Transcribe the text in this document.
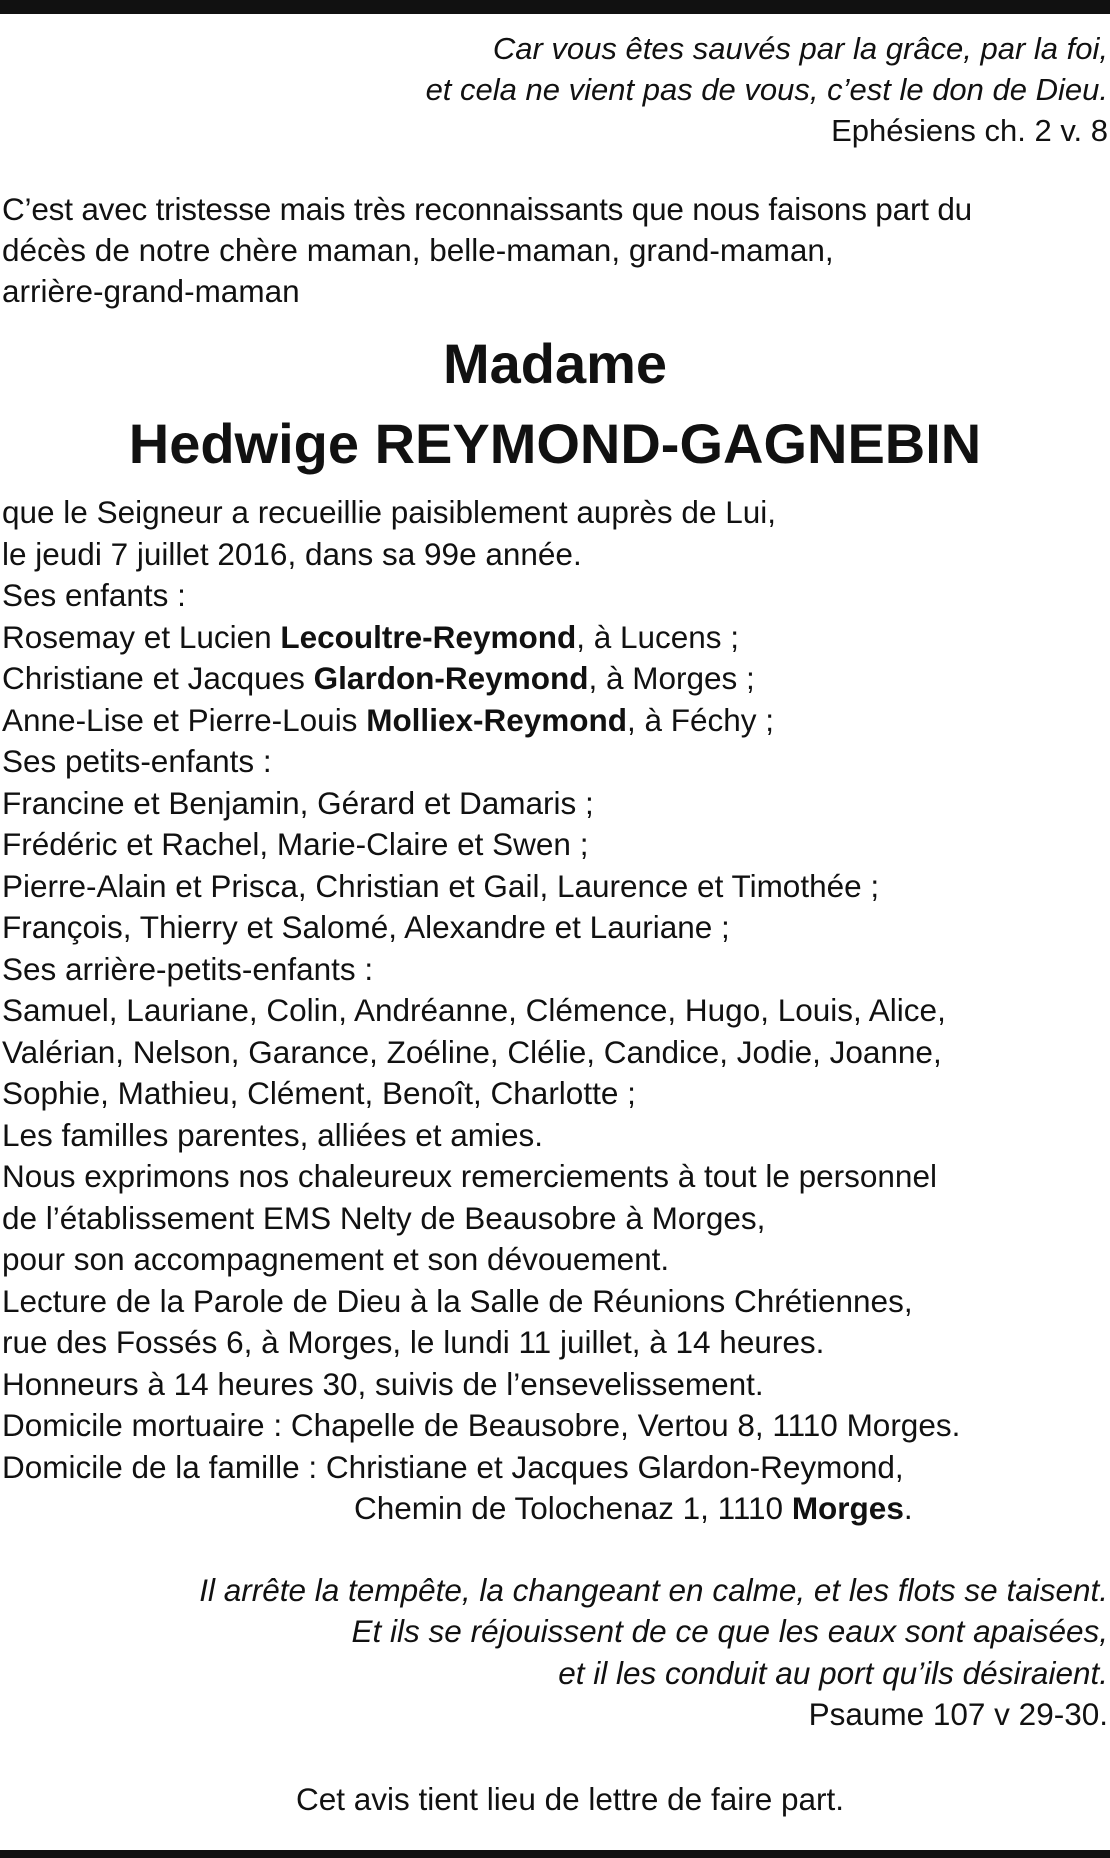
Car vous êtes sauvés par la grâce, par la foi,
et cela ne vient pas de vous, c’est le don de Dieu.
Ephésiens ch. 2 v. 8
C’est avec tristesse mais très reconnaissants que nous faisons part du
décès de notre chère maman, belle-maman, grand-maman,
arrière-grand-maman
Madame
Hedwige REYMOND-GAGNEBIN
que le Seigneur a recueillie paisiblement auprès de Lui,
le jeudi 7 juillet 2016, dans sa 99e année.
Ses enfants :
Rosemay et Lucien Lecoultre-Reymond, à Lucens ;
Christiane et Jacques Glardon-Reymond, à Morges ;
Anne-Lise et Pierre-Louis Molliex-Reymond, à Féchy ;
Ses petits-enfants :
Francine et Benjamin, Gérard et Damaris ;
Frédéric et Rachel, Marie-Claire et Swen ;
Pierre-Alain et Prisca, Christian et Gail, Laurence et Timothée ;
François, Thierry et Salomé, Alexandre et Lauriane ;
Ses arrière-petits-enfants :
Samuel, Lauriane, Colin, Andréanne, Clémence, Hugo, Louis, Alice,
Valérian, Nelson, Garance, Zoéline, Clélie, Candice, Jodie, Joanne,
Sophie, Mathieu, Clément, Benoît, Charlotte ;
Les familles parentes, alliées et amies.
Nous exprimons nos chaleureux remerciements à tout le personnel
de l’établissement EMS Nelty de Beausobre à Morges,
pour son accompagnement et son dévouement.
Lecture de la Parole de Dieu à la Salle de Réunions Chrétiennes,
rue des Fossés 6, à Morges, le lundi 11 juillet, à 14 heures.
Honneurs à 14 heures 30, suivis de l’ensevelissement.
Domicile mortuaire : Chapelle de Beausobre, Vertou 8, 1110 Morges.
Domicile de la famille : Christiane et Jacques Glardon-Reymond,
Chemin de Tolochenaz 1, 1110 Morges.
Il arrête la tempête, la changeant en calme, et les flots se taisent.
Et ils se réjouissent de ce que les eaux sont apaisées,
et il les conduit au port qu’ils désiraient.
Psaume 107 v 29-30.
Cet avis tient lieu de lettre de faire part.
